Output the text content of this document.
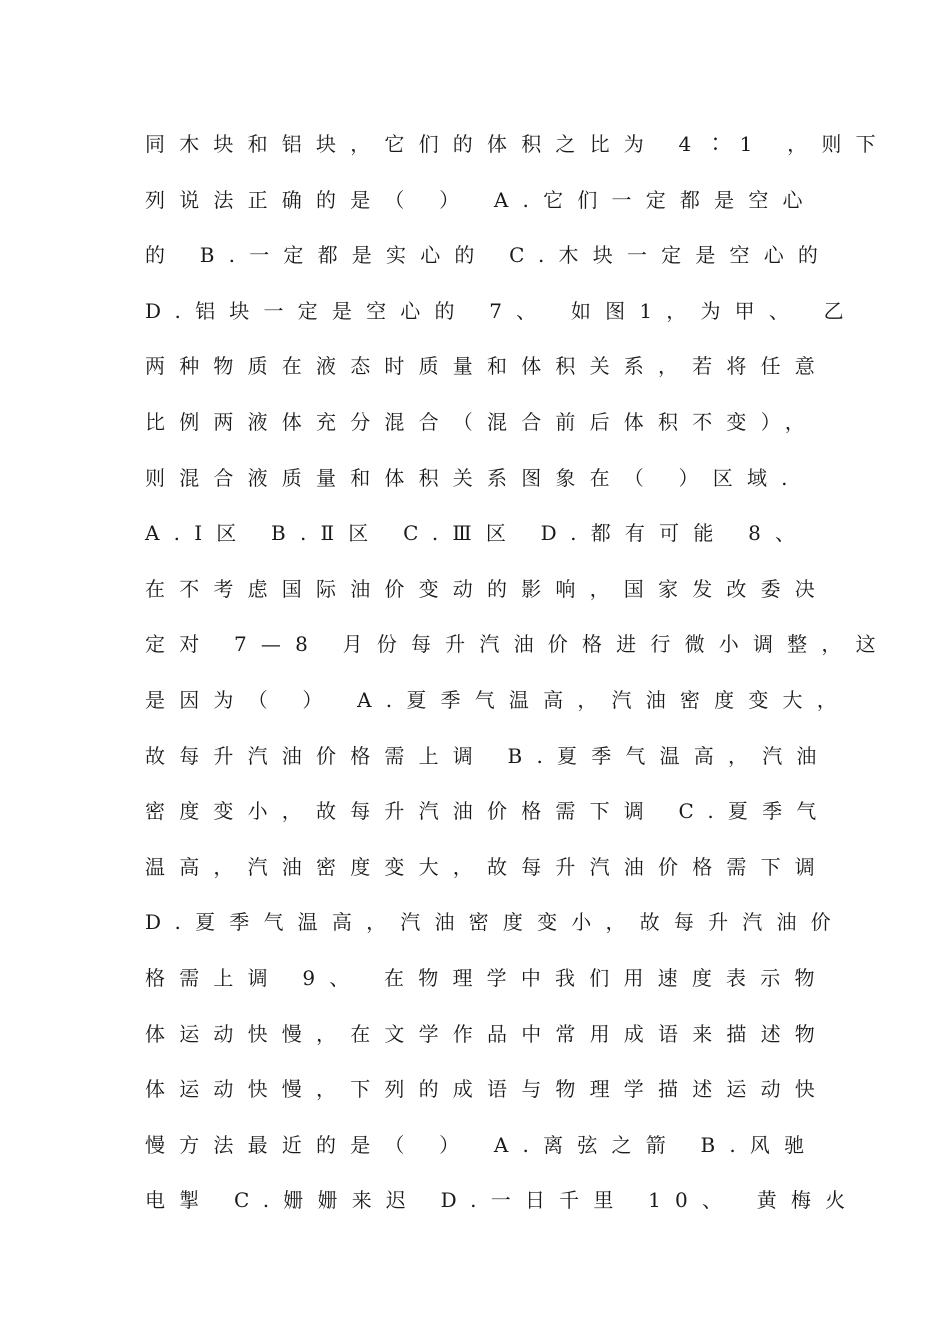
同木块和铝块，它们的体积之比为 4∶1 ，则下
列说法正确的是（ ） A.它们一定都是空心
的 B.一定都是实心的 C.木块一定是空心的
D.铝块一定是空心的 7、 如图1，为甲、 乙
两种物质在液态时质量和体积关系，若将任意
比例两液体充分混合（混合前后体积不变），
则混合液质量和体积关系图象在（ ）区域.
A.Ⅰ区 B.Ⅱ区 C.Ⅲ区 D.都有可能 8、
在不考虑国际油价变动的影响，国家发改委决
定对 7—8 月份每升汽油价格进行微小调整，这
是因为（ ） A.夏季气温高，汽油密度变大，
故每升汽油价格需上调 B.夏季气温高，汽油
密度变小，故每升汽油价格需下调 C.夏季气
温高，汽油密度变大，故每升汽油价格需下调
D.夏季气温高，汽油密度变小，故每升汽油价
格需上调 9、 在物理学中我们用速度表示物
体运动快慢，在文学作品中常用成语来描述物
体运动快慢，下列的成语与物理学描述运动快
慢方法最近的是（ ） A.离弦之箭 B.风驰
电掣 C.姗姗来迟 D.一日千里 10、 黄梅火
